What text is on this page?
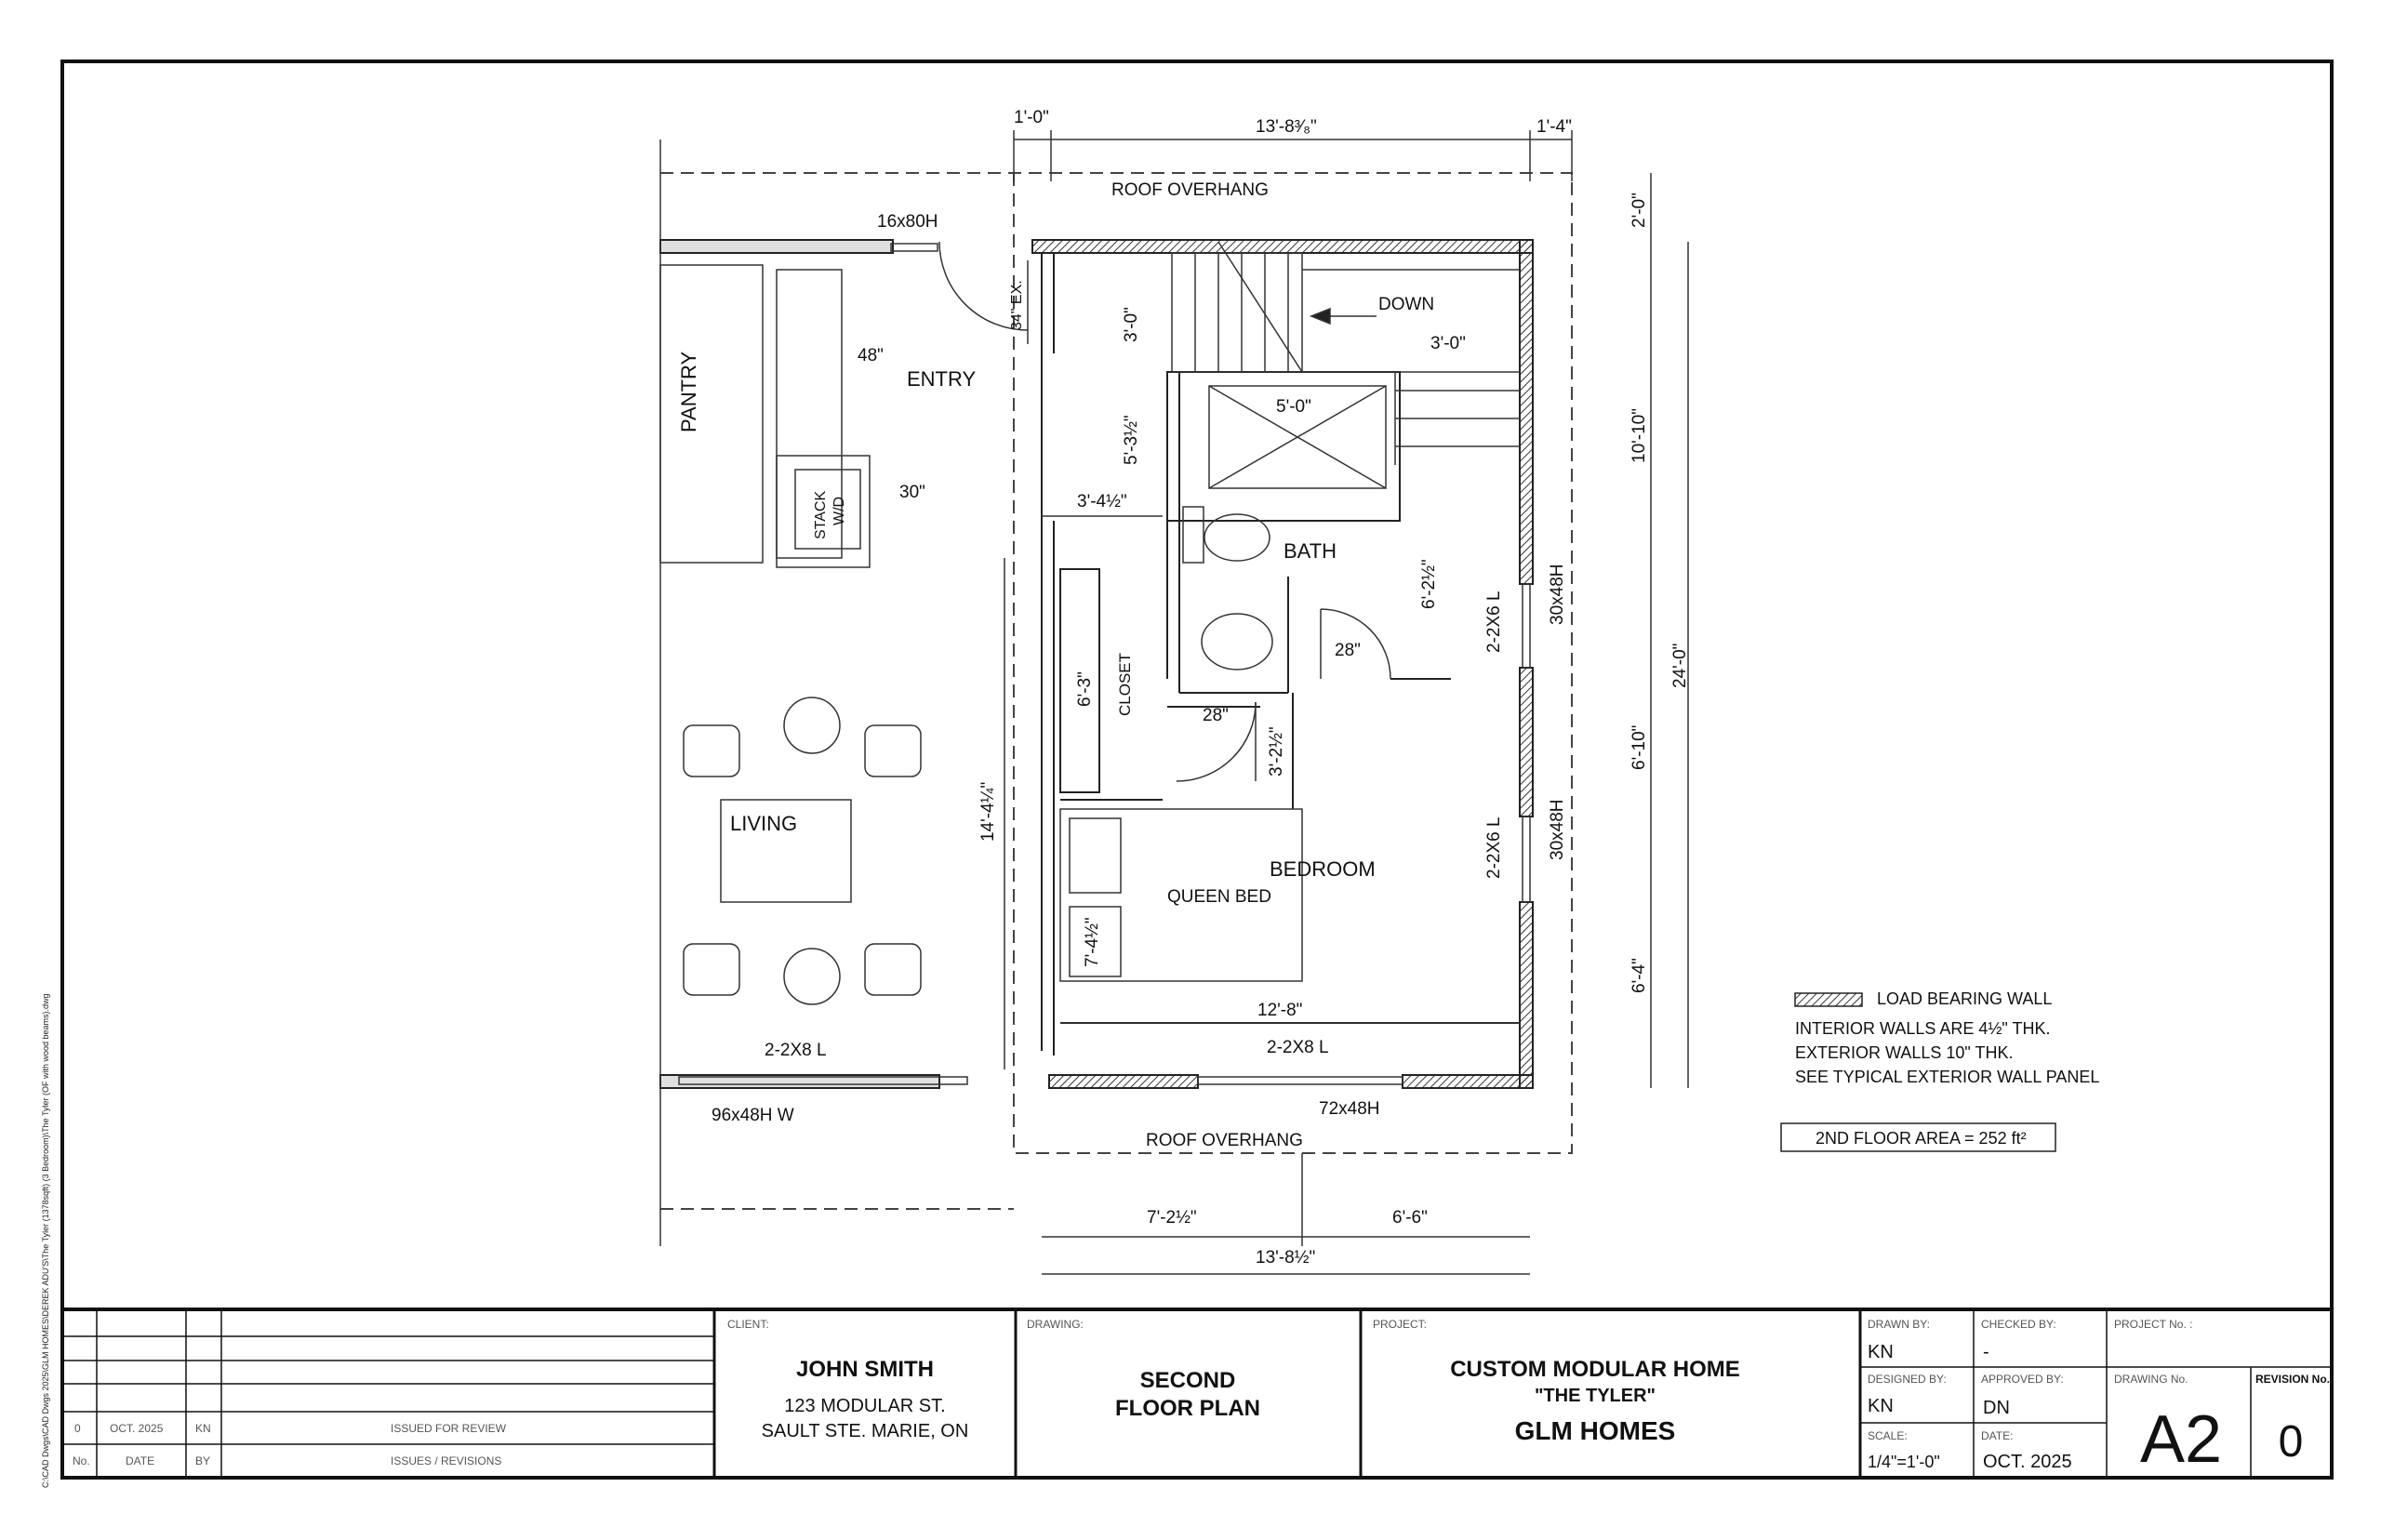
C:\CAD Dwgs\CAD Dwgs 2025\GLM HOMES\DEREK ADU'S\The Tyler (1378sqft) (3 Bedroom)\The Tyler (OF with wood beams).dwg
PANTRY	ENTRY
STACK W/D
LIVING
BATH
CLOSET
BEDROOM
QUEEN BED
DOWN
ROOF OVERHANG
ROOF OVERHANG
16x80H
96x48H W	72x48H
30x48H
30x48H
2-2X6 L
2-2X6 L
2-2X8 L	2-2X8 L
34" EX.
48"
30"
28"
28"
1'-0"	13'-8³⁄₈"	1'-4"
2'-0"
10'-10"
24'-0"
6'-10"
6'-4"
3'-0"
3'-0"
5'-3½"
3'-4½"
5'-0"
6'-2½"
6'-3"
3'-2½"
14'-4¼"
7'-4½"
12'-8"
7'-2½"	6'-6"
13'-8½"
LOAD BEARING WALL
INTERIOR WALLS ARE 4½" THK.
EXTERIOR WALLS 10" THK.
SEE TYPICAL EXTERIOR WALL PANEL
2ND FLOOR AREA = 252 ft²
0	OCT. 2025	KN	ISSUED FOR REVIEW
No.	DATE	BY	ISSUES / REVISIONS
CLIENT:
JOHN SMITH
123 MODULAR ST.
SAULT STE. MARIE, ON
DRAWING:
SECOND
FLOOR PLAN
PROJECT:
CUSTOM MODULAR HOME
"THE TYLER"
GLM HOMES
DRAWN BY:
KN
CHECKED BY:
-
PROJECT No. :
DESIGNED BY:
KN
APPROVED BY:
DN
DRAWING No.
A2
REVISION No.
0
SCALE:
1/4"=1'-0"
DATE:
OCT. 2025
